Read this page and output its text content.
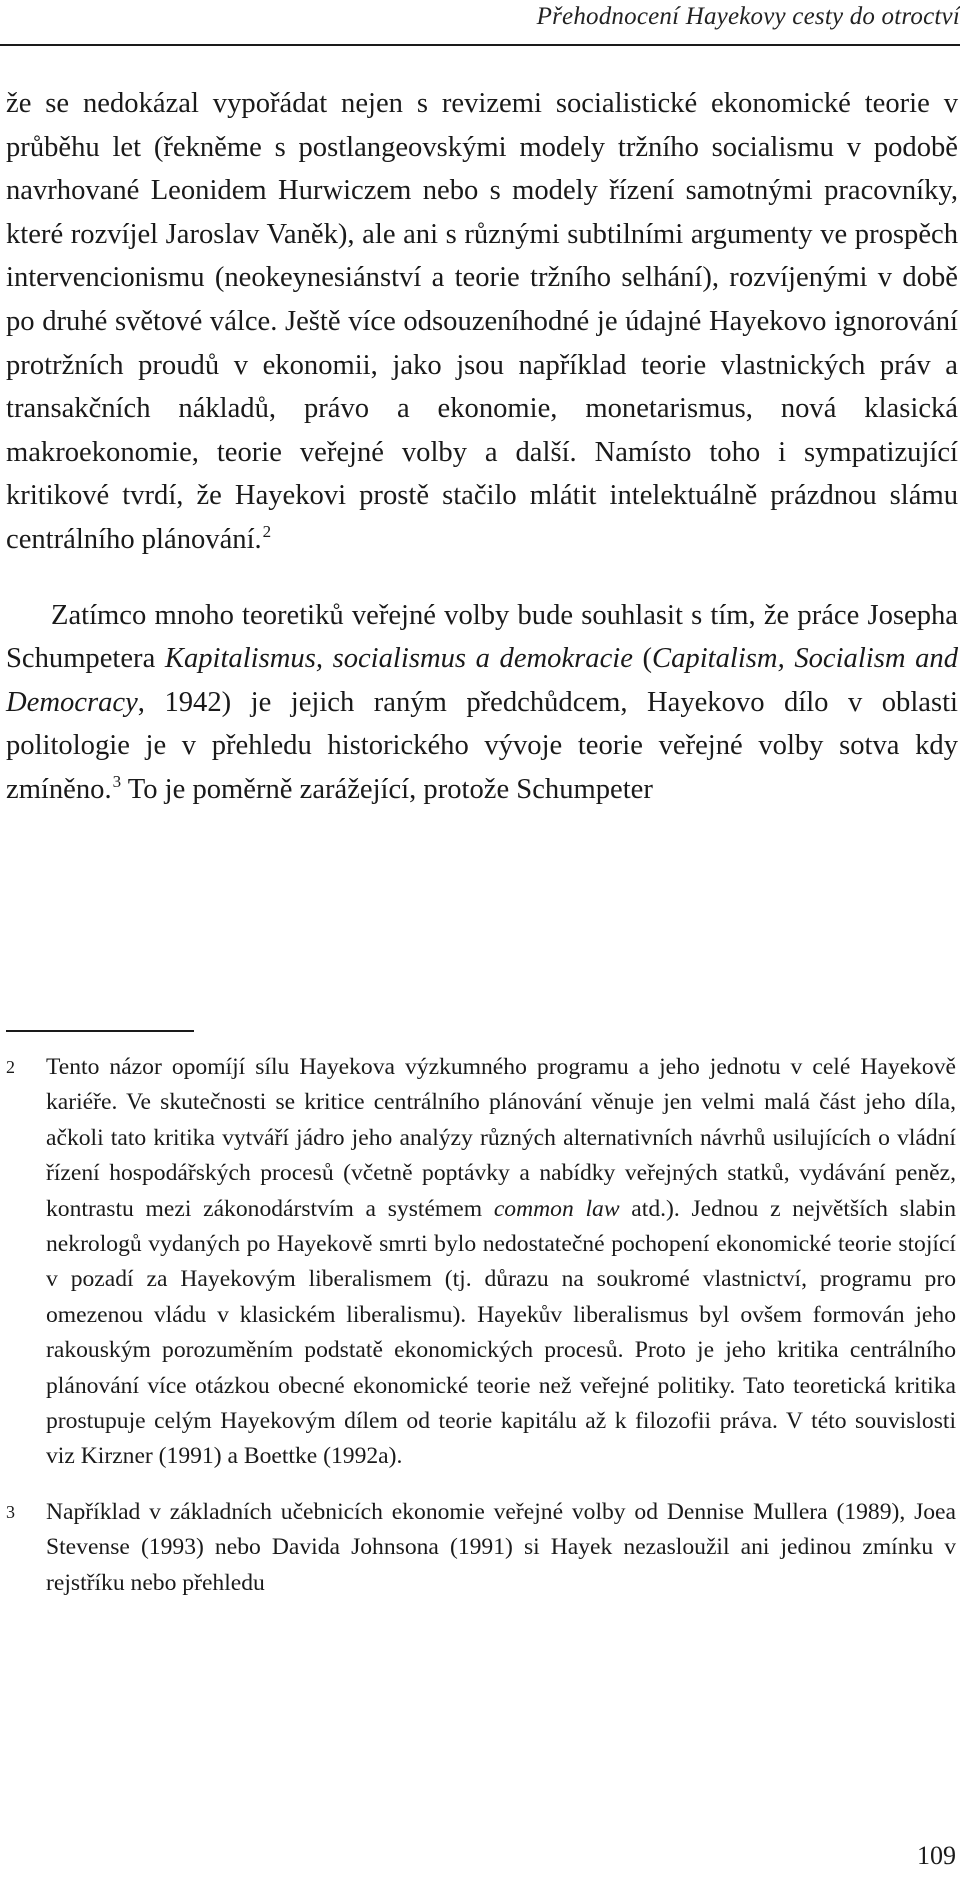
Přehodnocení Hayekovy cesty do otroctví

že se nedokázal vypořádat nejen s revizemi socialistické ekonomické teorie v průběhu let (řekněme s postlangeovskými modely tržního socialismu v podobě navrhované Leonidem Hurwiczem nebo s modely řízení samotnými pracovníky, které rozvíjel Jaroslav Vaněk), ale ani s různými subtilními argumenty ve prospěch intervencionismu (neokeynesiánství a teorie tržního selhání), rozvíjenými v době po druhé světové válce. Ještě více odsouzeníhodné je údajné Hayekovo ignorování protržních proudů v ekonomii, jako jsou například teorie vlastnických práv a transakčních nákladů, právo a ekonomie, monetarismus, nová klasická makroekonomie, teorie veřejné volby a další. Namísto toho i sympatizující kritikové tvrdí, že Hayekovi prostě stačilo mlátit intelektuálně prázdnou slámu centrálního plánování.$^2$

Zatímco mnoho teoretiků veřejné volby bude souhlasit s tím, že práce Josepha Schumpetera Kapitalismus, socialismus a demokracie (Capitalism, Socialism and Democracy, 1942) je jejich raným předchůdcem, Hayekovo dílo v oblasti politologie je v přehledu historického vývoje teorie veřejné volby sotva kdy zmíněno.$^3$ To je poměrně zarážející, protože Schumpeter

2 Tento názor opomíjí sílu Hayekova výzkumného programu a jeho jednotu v celé Hayekově kariéře. Ve skutečnosti se kritice centrálního plánování věnuje jen velmi malá část jeho díla, ačkoli tato kritika vytváří jádro jeho analýzy různých alternativních návrhů usilujících o vládní řízení hospodářských procesů (včetně poptávky a nabídky veřejných statků, vydávání peněz, kontrastu mezi zákonodárstvím a systémem common law atd.). Jednou z největších slabin nekrologů vydaných po Hayekově smrti bylo nedostatečné pochopení ekonomické teorie stojící v pozadí za Hayekovým liberalismem (tj. důrazu na soukromé vlastnictví, programu pro omezenou vládu v klasickém liberalismu). Hayekův liberalismus byl ovšem formován jeho rakouským porozuměním podstatě ekonomických procesů. Proto je jeho kritika centrálního plánování více otázkou obecné ekonomické teorie než veřejné politiky. Tato teoretická kritika prostupuje celým Hayekovým dílem od teorie kapitálu až k filozofii práva. V této souvislosti viz Kirzner (1991) a Boettke (1992a).
3 Například v základních učebnicích ekonomie veřejné volby od Dennise Mullera (1989), Joea Stevense (1993) nebo Davida Johnsona (1991) si Hayek nezasloužil ani jedinou zmínku v rejstříku nebo přehledu
109
